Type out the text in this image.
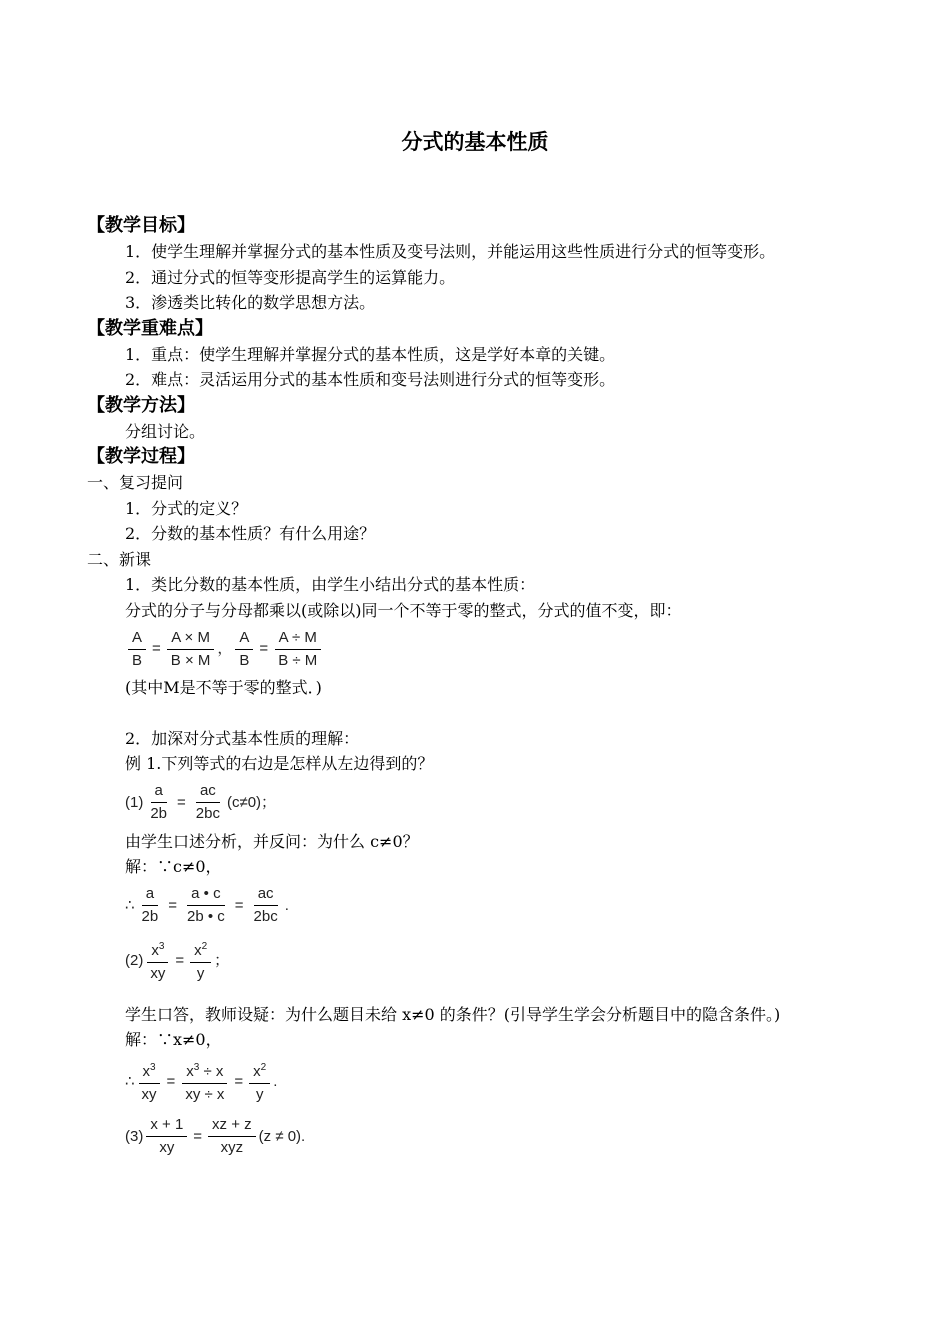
分式的基本性质
【教学目标】
1．使学生理解并掌握分式的基本性质及变号法则，并能运用这些性质进行分式的恒等变形。
2．通过分式的恒等变形提高学生的运算能力。
3．渗透类比转化的数学思想方法。
【教学重难点】
1．重点：使学生理解并掌握分式的基本性质，这是学好本章的关键。
2．难点：灵活运用分式的基本性质和变号法则进行分式的恒等变形。
【教学方法】
分组讨论。
【教学过程】
一、复习提问
1．分式的定义？
2．分数的基本性质？有什么用途？
二、新课
1．类比分数的基本性质，由学生小结出分式的基本性质：
分式的分子与分母都乘以(或除以)同一个不等于零的整式，分式的值不变，即：
$\frac{A}{B} = \frac{A \times M}{B \times M}$ ， $\frac{A}{B} = \frac{A \div M}{B \div M}$
(其中M是不等于零的整式．)
2．加深对分式基本性质的理解：
例 1.下列等式的右边是怎样从左边得到的？
$(1) \frac{a}{2b} = \frac{ac}{2bc} (c\ne 0)$；
由学生口述分析，并反问：为什么 c≠0？
解：∵c≠0，
∴ $\frac{a}{2b} = \frac{a • c}{2b • c} = \frac{ac}{2bc}$ .
$(2) \frac{x^3}{xy} = \frac{x^2}{y}$ ；
学生口答，教师设疑：为什么题目未给 x≠0 的条件？(引导学生学会分析题目中的隐含条件。)
解：∵x≠0，
∴ $\frac{x^3}{xy} = \frac{x^3 \div x}{xy \div x} = \frac{x^2}{y}$ .
$(3) \frac{x + 1}{xy} = \frac{xz + z}{\text{xyz}} (z \ne 0)$.
